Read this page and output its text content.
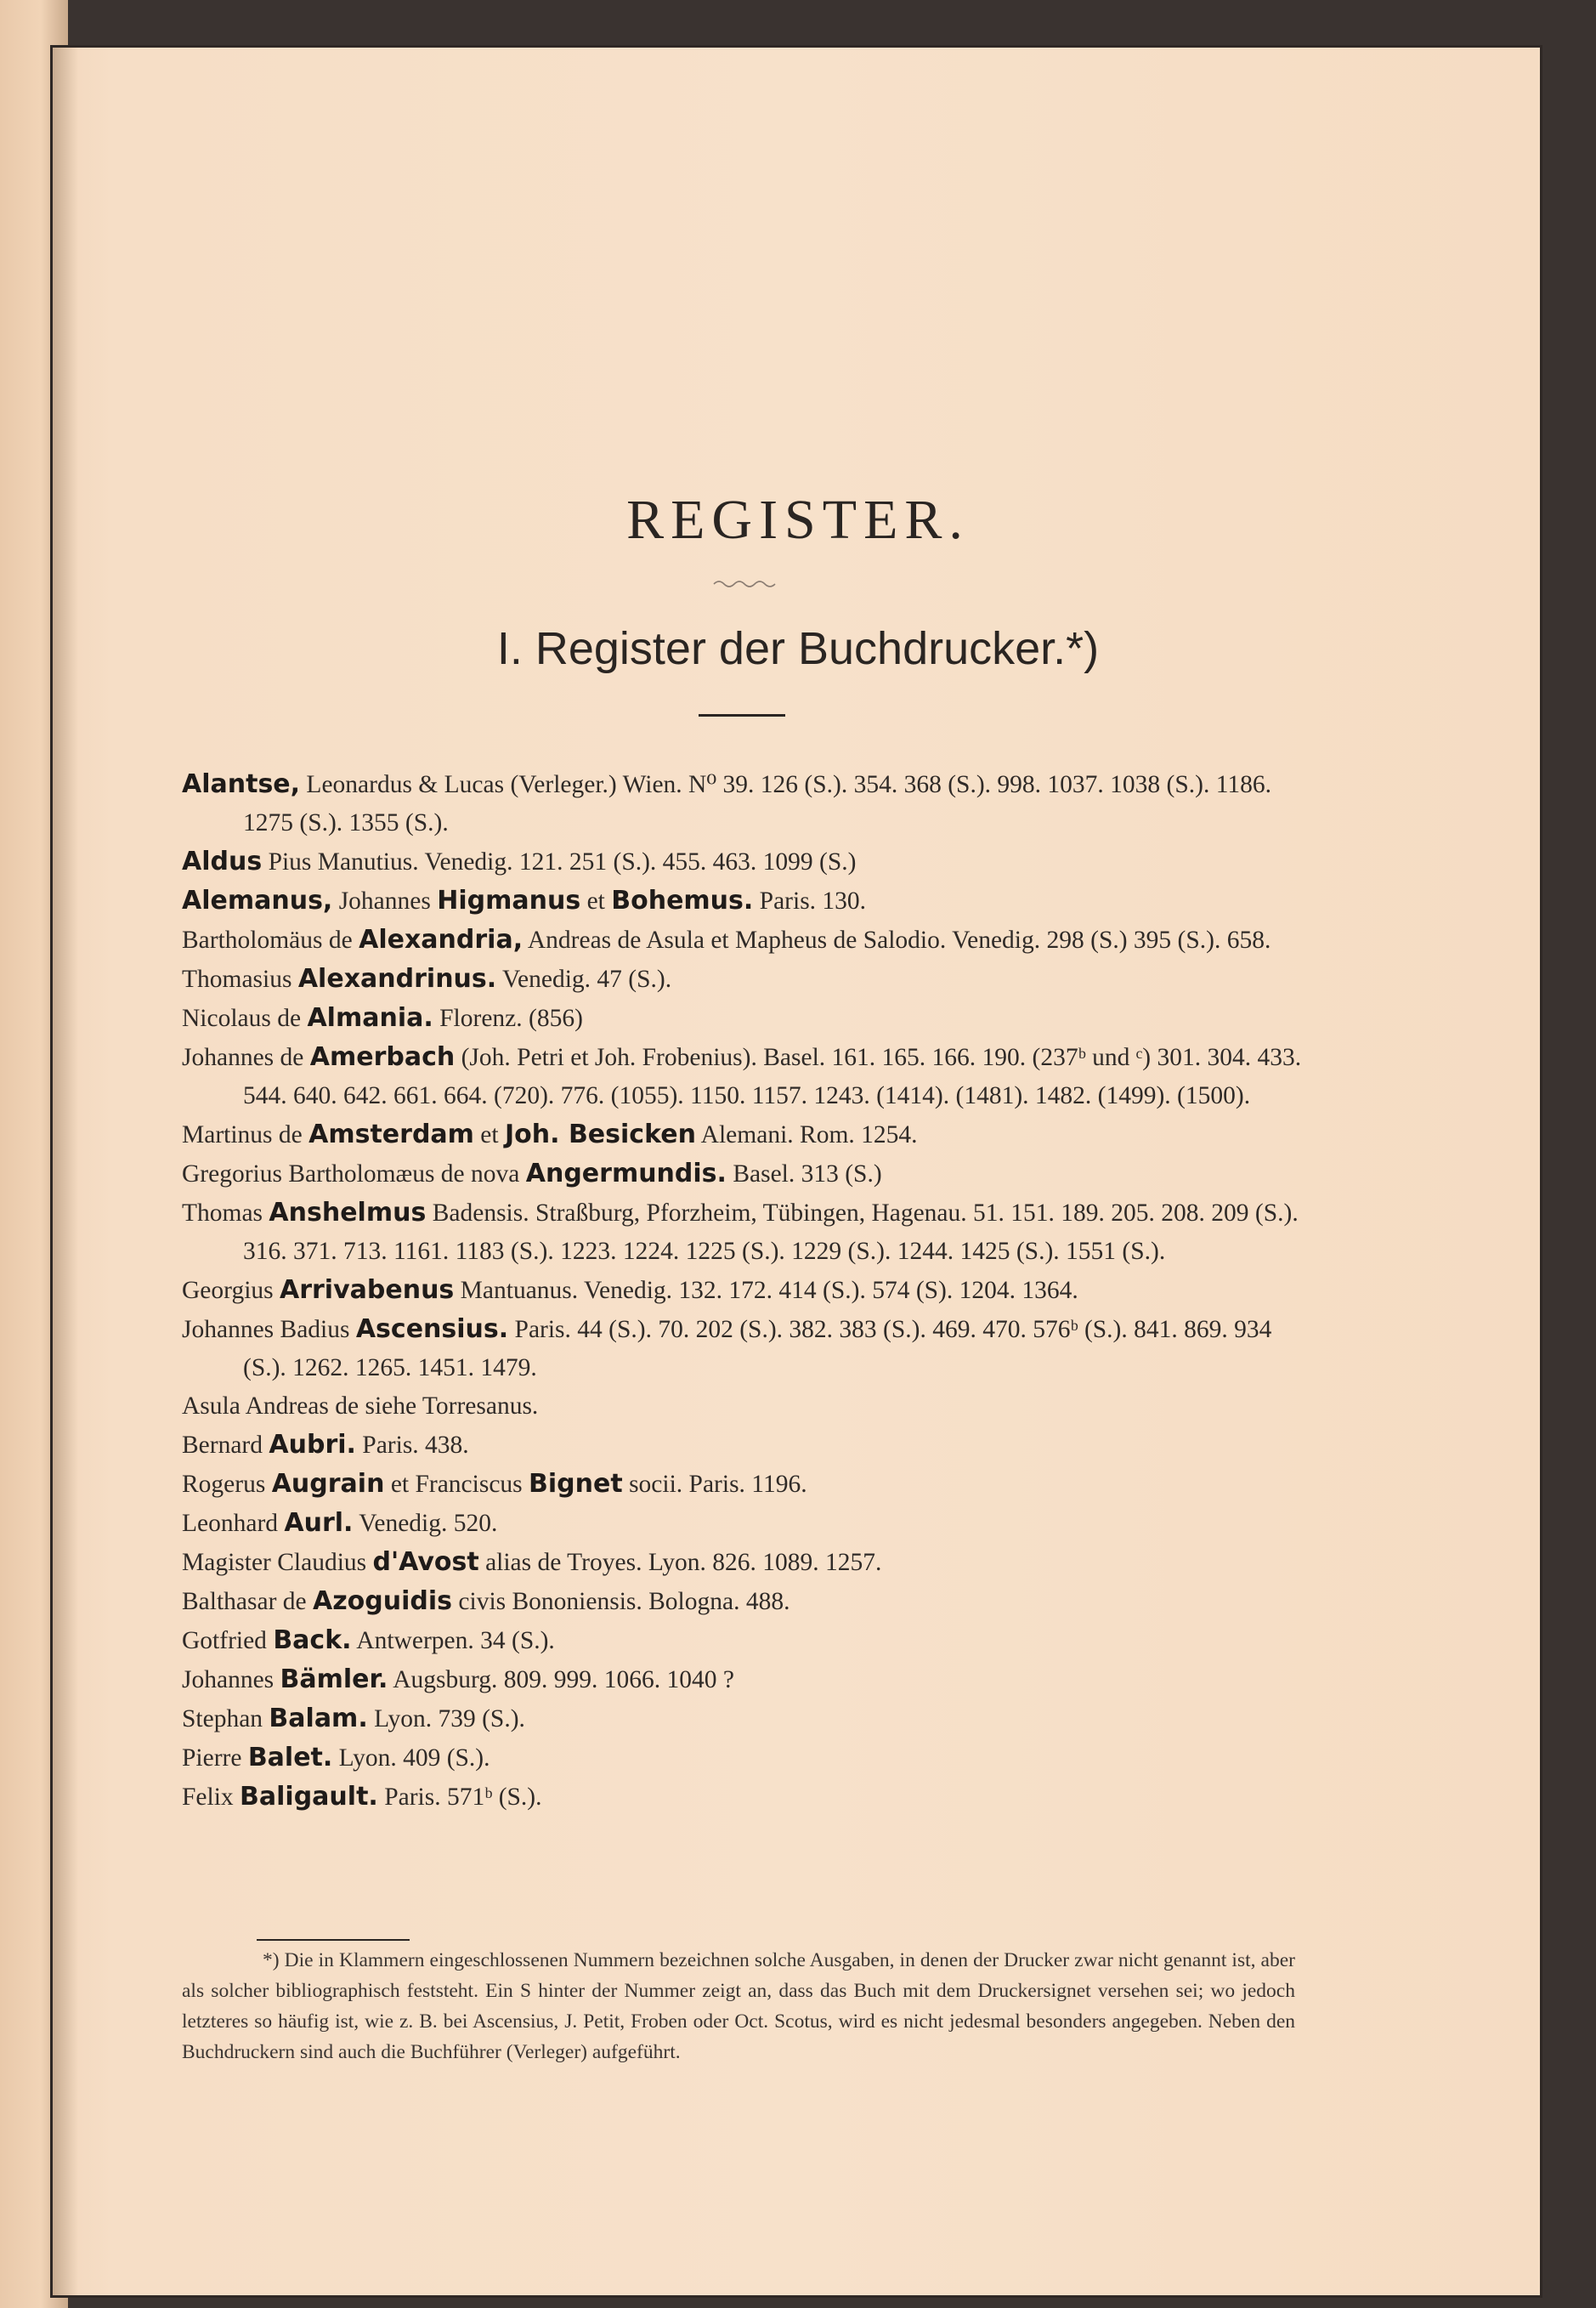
REGISTER.
I. Register der Buchdrucker.*)

Alantse, Leonardus & Lucas (Verleger.) Wien. N⁰ 39. 126 (S.). 354. 368 (S.). 998. 1037. 1038 (S.). 1186. 1275 (S.). 1355 (S.).

Aldus Pius Manutius. Venedig. 121. 251 (S.). 455. 463. 1099 (S.)

Alemanus, Johannes Higmanus et Bohemus. Paris. 130.

Bartholomäus de Alexandria, Andreas de Asula et Mapheus de Salodio. Venedig. 298 (S.) 395 (S.). 658.

Thomasius Alexandrinus. Venedig. 47 (S.).

Nicolaus de Almania. Florenz. (856)

Johannes de Amerbach (Joh. Petri et Joh. Frobenius). Basel. 161. 165. 166. 190. (237ᵇ und ᶜ) 301. 304. 433. 544. 640. 642. 661. 664. (720). 776. (1055). 1150. 1157. 1243. (1414). (1481). 1482. (1499). (1500).

Martinus de Amsterdam et Joh. Besicken Alemani. Rom. 1254.

Gregorius Bartholomæus de nova Angermundis. Basel. 313 (S.)

Thomas Anshelmus Badensis. Straßburg, Pforzheim, Tübingen, Hagenau. 51. 151. 189. 205. 208. 209 (S.). 316. 371. 713. 1161. 1183 (S.). 1223. 1224. 1225 (S.). 1229 (S.). 1244. 1425 (S.). 1551 (S.).

Georgius Arrivabenus Mantuanus. Venedig. 132. 172. 414 (S.). 574 (S). 1204. 1364.

Johannes Badius Ascensius. Paris. 44 (S.). 70. 202 (S.). 382. 383 (S.). 469. 470. 576ᵇ (S.). 841. 869. 934 (S.). 1262. 1265. 1451. 1479.

Asula Andreas de siehe Torresanus.

Bernard Aubri. Paris. 438.

Rogerus Augrain et Franciscus Bignet socii. Paris. 1196.

Leonhard Aurl. Venedig. 520.

Magister Claudius d'Avost alias de Troyes. Lyon. 826. 1089. 1257.

Balthasar de Azoguidis civis Bononiensis. Bologna. 488.

Gotfried Back. Antwerpen. 34 (S.).

Johannes Bämler. Augsburg. 809. 999. 1066. 1040 ?

Stephan Balam. Lyon. 739 (S.).

Pierre Balet. Lyon. 409 (S.).

Felix Baligault. Paris. 571ᵇ (S.).

*) Die in Klammern eingeschlossenen Nummern bezeichnen solche Ausgaben, in denen der Drucker zwar nicht genannt ist, aber als solcher bibliographisch feststeht. Ein S hinter der Nummer zeigt an, dass das Buch mit dem Druckersignet versehen sei; wo jedoch letzteres so häufig ist, wie z. B. bei Ascensius, J. Petit, Froben oder Oct. Scotus, wird es nicht jedesmal besonders angegeben. Neben den Buchdruckern sind auch die Buchführer (Verleger) aufgeführt.
